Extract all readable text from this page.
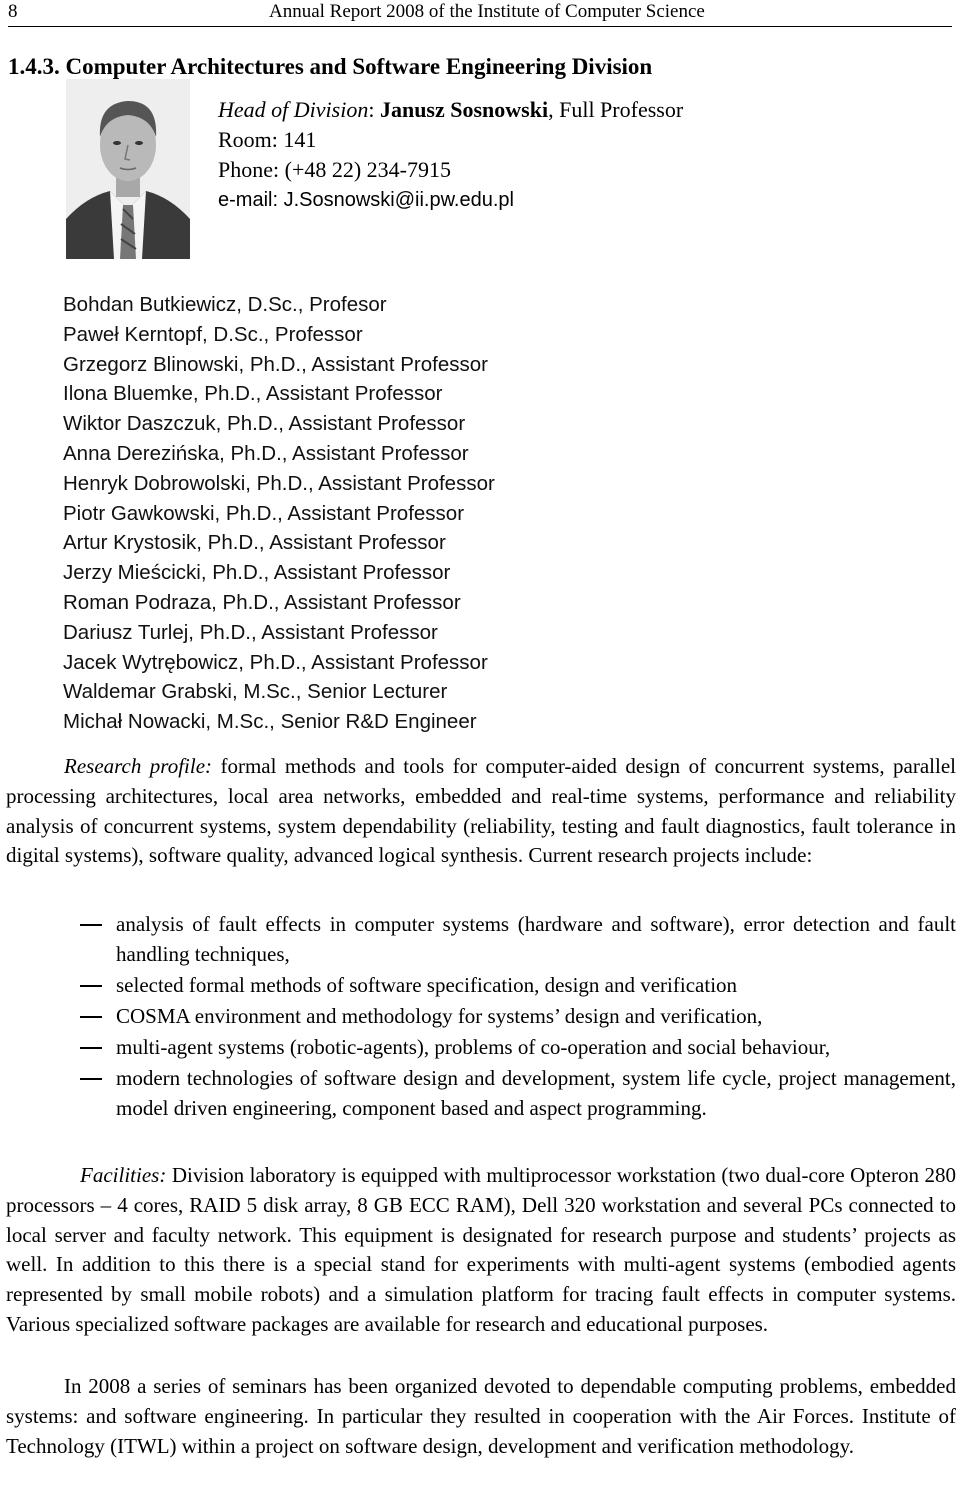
8	Annual Report 2008 of the Institute of Computer Science
1.4.3. Computer Architectures and Software Engineering Division
Head of Division: Janusz Sosnowski, Full Professor
Room: 141
Phone: (+48 22) 234-7915
e-mail: J.Sosnowski@ii.pw.edu.pl
Bohdan Butkiewicz, D.Sc., Profesor
Paweł Kerntopf, D.Sc., Professor
Grzegorz Blinowski, Ph.D., Assistant Professor
Ilona Bluemke, Ph.D., Assistant Professor
Wiktor Daszczuk, Ph.D., Assistant Professor
Anna Derezińska, Ph.D., Assistant Professor
Henryk Dobrowolski, Ph.D., Assistant Professor
Piotr Gawkowski, Ph.D., Assistant Professor
Artur Krystosik, Ph.D., Assistant Professor
Jerzy Mieścicki, Ph.D., Assistant Professor
Roman Podraza, Ph.D., Assistant Professor
Dariusz Turlej, Ph.D., Assistant Professor
Jacek Wytrębowicz, Ph.D., Assistant Professor
Waldemar Grabski, M.Sc., Senior Lecturer
Michał Nowacki, M.Sc., Senior R&D Engineer

Research profile: formal methods and tools for computer-aided design of concurrent systems, parallel processing architectures, local area networks, embedded and real-time systems, performance and reliability analysis of concurrent systems, system dependability (reliability, testing and fault diagnostics, fault tolerance in digital systems), software quality, advanced logical synthesis. Current research projects include:

analysis of fault effects in computer systems (hardware and software), error detection and fault handling techniques,
selected formal methods of software specification, design and verification
COSMA environment and methodology for systems’ design and verification,
multi-agent systems (robotic-agents), problems of co-operation and social behaviour,
modern technologies of software design and development, system life cycle, project management, model driven engineering, component based and aspect programming.

Facilities: Division laboratory is equipped with multiprocessor workstation (two dual-core Opteron 280 processors – 4 cores, RAID 5 disk array, 8 GB ECC RAM), Dell 320 workstation and several PCs connected to local server and faculty network. This equipment is designated for research purpose and students’ projects as well. In addition to this there is a special stand for experiments with multi-agent systems (embodied agents represented by small mobile robots) and a simulation platform for tracing fault effects in computer systems. Various specialized software packages are available for research and educational purposes.

In 2008 a series of seminars has been organized devoted to dependable computing problems, embedded systems: and software engineering. In particular they resulted in cooperation with the Air Forces. Institute of Technology (ITWL) within a project on software design, development and verification methodology.
